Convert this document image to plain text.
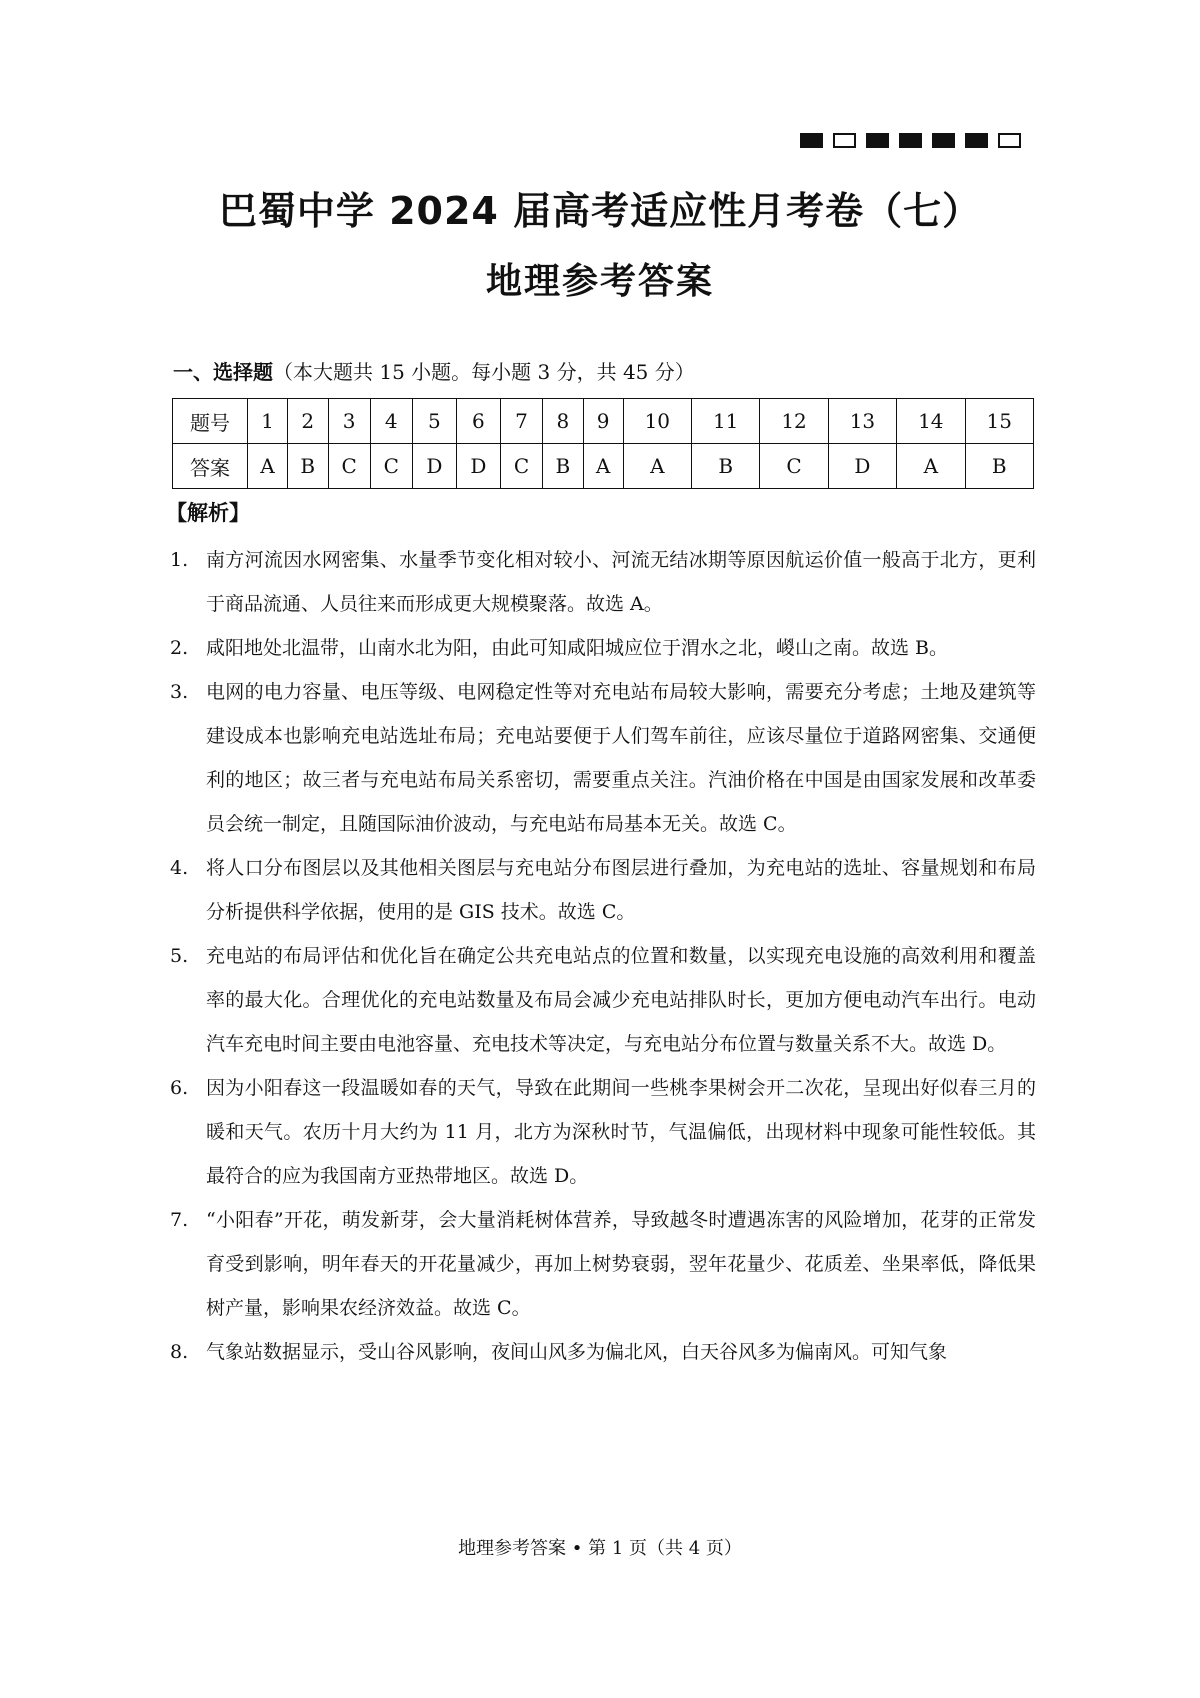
巴蜀中学 2024 届高考适应性月考卷（七）
地理参考答案
一、选择题（本大题共 15 小题。每小题 3 分，共 45 分）
题号	1	2	3	4	5	6	7	8	9	10	11	12	13	14	15
答案	A	B	C	C	D	D	C	B	A	A	B	C	D	A	B
【解析】
1. 南方河流因水网密集、水量季节变化相对较小、河流无结冰期等原因航运价值一般高于北方，更利于商品流通、人员往来而形成更大规模聚落。故选 A。
2. 咸阳地处北温带，山南水北为阳，由此可知咸阳城应位于渭水之北，嵕山之南。故选 B。
3. 电网的电力容量、电压等级、电网稳定性等对充电站布局较大影响，需要充分考虑；土地及建筑等建设成本也影响充电站选址布局；充电站要便于人们驾车前往，应该尽量位于道路网密集、交通便利的地区；故三者与充电站布局关系密切，需要重点关注。汽油价格在中国是由国家发展和改革委员会统一制定，且随国际油价波动，与充电站布局基本无关。故选 C。
4. 将人口分布图层以及其他相关图层与充电站分布图层进行叠加，为充电站的选址、容量规划和布局分析提供科学依据，使用的是 GIS 技术。故选 C。
5. 充电站的布局评估和优化旨在确定公共充电站点的位置和数量，以实现充电设施的高效利用和覆盖率的最大化。合理优化的充电站数量及布局会减少充电站排队时长，更加方便电动汽车出行。电动汽车充电时间主要由电池容量、充电技术等决定，与充电站分布位置与数量关系不大。故选 D。
6. 因为小阳春这一段温暖如春的天气，导致在此期间一些桃李果树会开二次花，呈现出好似春三月的暖和天气。农历十月大约为 11 月，北方为深秋时节，气温偏低，出现材料中现象可能性较低。其最符合的应为我国南方亚热带地区。故选 D。
7. “小阳春”开花，萌发新芽，会大量消耗树体营养，导致越冬时遭遇冻害的风险增加，花芽的正常发育受到影响，明年春天的开花量减少，再加上树势衰弱，翌年花量少、花质差、坐果率低，降低果树产量，影响果农经济效益。故选 C。
8. 气象站数据显示，受山谷风影响，夜间山风多为偏北风，白天谷风多为偏南风。可知气象
地理参考答案 • 第 1 页（共 4 页）
